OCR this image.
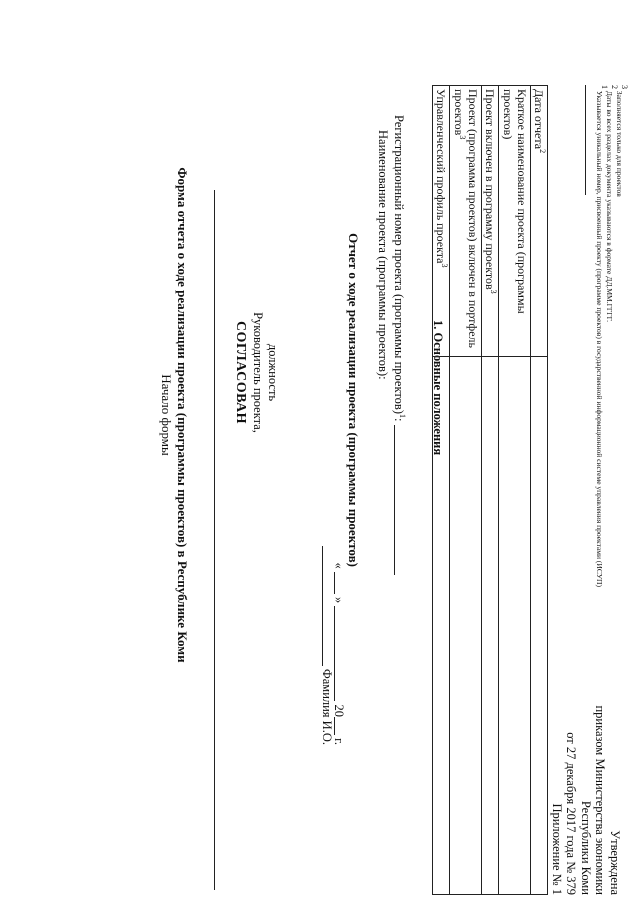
Утверждена
приказом Министерства экономики
Республики Коми
от 27 декабря 2017 года № 379
Приложение № 1
Форма отчета о ходе реализации проекта (программы проектов) в Республике Коми
Начало формы	СОГЛАСОВАН Руководитель проекта, должность
Фамилия И.О.
«  »  20 г.
Отчет о ходе реализации проекта (программы проектов) Наименование проекта (программы проектов): Регистрационный номер проекта (программы проектов)$^1$: 1. Основные положения
Дата отчета$^2$	
Краткое наименование проекта (программы проектов)	
Проект включен в программу проектов$^3$	
Проект (программа проектов) включен в портфель проектов$^3$	
Управленческий профиль проекта$^3$	
$^1$ Указывается уникальный номер, присвоенный проекту (программе проектов) в государственной информационной системе управления проектами (ИСУП)
$^2$ Даты во всех разделах документа указываются в формате ДД.ММ.ГГГГ.
$^3$ Заполняется только для проектов
